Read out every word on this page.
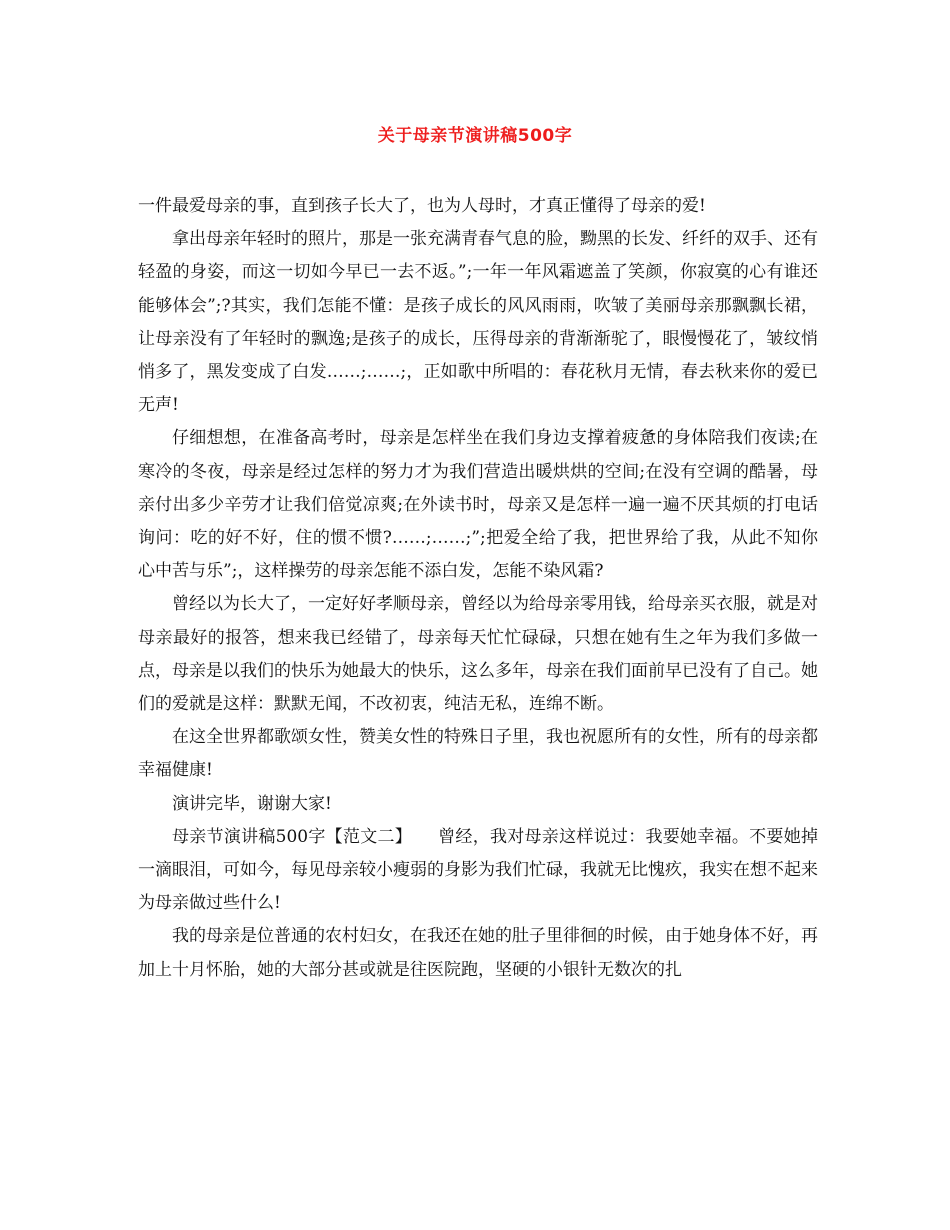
关于母亲节演讲稿500字

一件最爱母亲的事，直到孩子长大了，也为人母时，才真正懂得了母亲的爱!

拿出母亲年轻时的照片，那是一张充满青春气息的脸，黝黑的长发、纤纤的双手、还有轻盈的身姿，而这一切如今早已一去不返。”;一年一年风霜遮盖了笑颜，你寂寞的心有谁还能够体会”;?其实，我们怎能不懂：是孩子成长的风风雨雨，吹皱了美丽母亲那飘飘长裙，让母亲没有了年轻时的飘逸;是孩子的成长，压得母亲的背渐渐驼了，眼慢慢花了，皱纹悄悄多了，黑发变成了白发……;……;，正如歌中所唱的：春花秋月无情，春去秋来你的爱已无声!

仔细想想，在准备高考时，母亲是怎样坐在我们身边支撑着疲惫的身体陪我们夜读;在寒冷的冬夜，母亲是经过怎样的努力才为我们营造出暖烘烘的空间;在没有空调的酷暑，母亲付出多少辛劳才让我们倍觉凉爽;在外读书时，母亲又是怎样一遍一遍不厌其烦的打电话询问：吃的好不好，住的惯不惯?……;……;”;把爱全给了我，把世界给了我，从此不知你心中苦与乐”;，这样操劳的母亲怎能不添白发，怎能不染风霜?

曾经以为长大了，一定好好孝顺母亲，曾经以为给母亲零用钱，给母亲买衣服，就是对母亲最好的报答，想来我已经错了，母亲每天忙忙碌碌，只想在她有生之年为我们多做一点，母亲是以我们的快乐为她最大的快乐，这么多年，母亲在我们面前早已没有了自己。她们的爱就是这样：默默无闻，不改初衷，纯洁无私，连绵不断。

在这全世界都歌颂女性，赞美女性的特殊日子里，我也祝愿所有的女性，所有的母亲都幸福健康!

演讲完毕，谢谢大家!

母亲节演讲稿500字【范文二】　　曾经，我对母亲这样说过：我要她幸福。不要她掉一滴眼泪，可如今，每见母亲较小瘦弱的身影为我们忙碌，我就无比愧疚，我实在想不起来为母亲做过些什么!

我的母亲是位普通的农村妇女，在我还在她的肚子里徘徊的时候，由于她身体不好，再加上十月怀胎，她的大部分甚或就是往医院跑，坚硬的小银针无数次的扎
